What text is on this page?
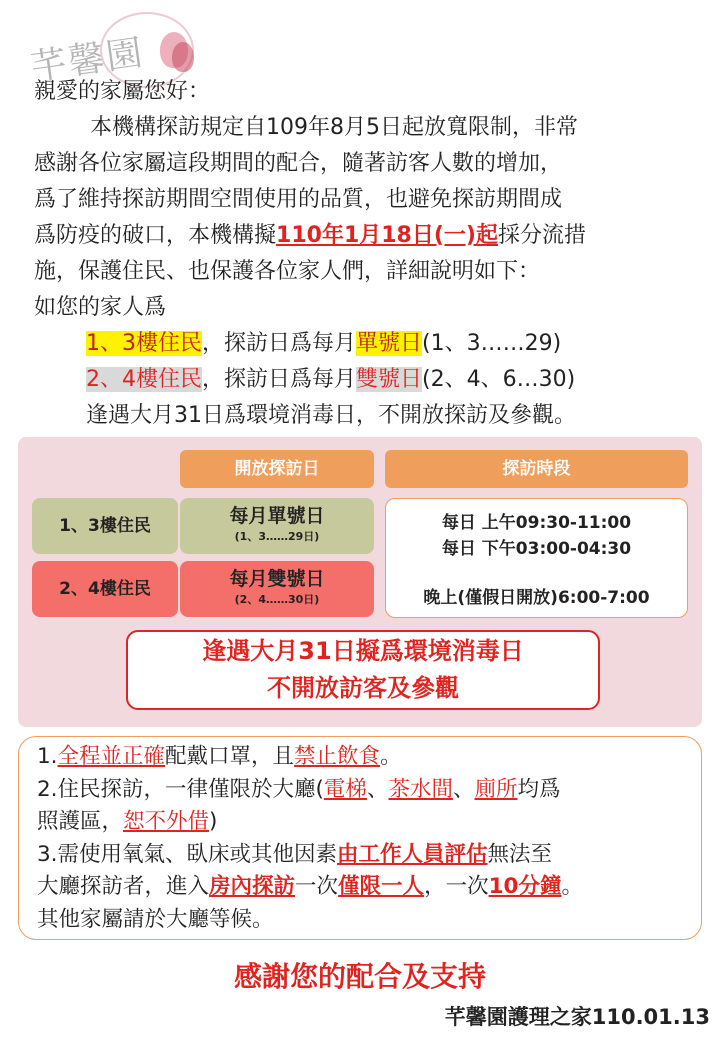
芊馨園
親愛的家屬您好：
本機構探訪規定自109年8月5日起放寬限制，非常
感謝各位家屬這段期間的配合，隨著訪客人數的增加，
爲了維持探訪期間空間使用的品質，也避免探訪期間成
爲防疫的破口，本機構擬110年1月18日(一)起採分流措
施，保護住民、也保護各位家人們，詳細說明如下：
如您的家人爲
1、3樓住民，探訪日爲每月單號日(1、3……29)
2、4樓住民，探訪日爲每月雙號日(2、4、6…30)
逢遇大月31日爲環境消毒日，不開放探訪及參觀。
開放探訪日	探訪時段
1、3樓住民
2、4樓住民
每月單號日
(1、3……29日)
每月雙號日
(2、4……30日)
每日 上午09:30-11:00
每日 下午03:00-04:30
晚上(僅假日開放)6:00-7:00
逢遇大月31日擬爲環境消毒日
不開放訪客及參觀
1.全程並正確配戴口罩，且禁止飲食。
2.住民探訪，一律僅限於大廳(電梯、茶水間、廁所均爲
照護區，恕不外借)
3.需使用氧氣、臥床或其他因素由工作人員評估無法至
大廳探訪者，進入房內探訪一次僅限一人，一次10分鐘。
其他家屬請於大廳等候。
感謝您的配合及支持
芊馨園護理之家110.01.13
